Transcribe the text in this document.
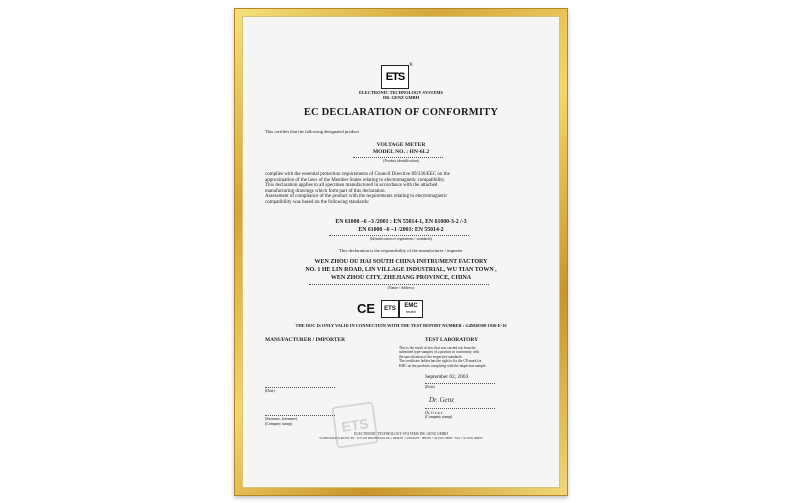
ETS
®
ELECTRONIC TECHNOLOGY SYSTEMS
DR. GENZ GMBH
EC DECLARATION OF CONFORMITY
This certifies that the following designated product
VOLTAGE METER
MODEL NO. : HN-6L2
(Product identification)
complies with the essential protection requirements of Council Directive 89/336/EEC on the
approximation of the laws of the Member States relating to electromagnetic compatibility.
This declaration applies to all specimen manufactured in accordance with the attached
manufacturing drawings which form part of this declaration.
Assessment of compliance of the product with the requirements relating to electromagnetic
compatibility was based on the following standards:
EN 61000 –6 –3 /2001 : EN 55014-1, EN 61000-3-2 /-3
EN 61000 –6 –1 /2001: EN 55014-2
(Identification of regulations / standards)
This declaration is the responsibility of the manufacturer / importer
WEN ZHOU OU HAI SOUTH CHINA INSTRUMENT FACTORY
NO. 1 HE LIN ROAD, LIN VILLAGE INDUSTRIAL, WU TIAN TOWN ,
WEN ZHOU CITY, ZHEJIANG PROVINCE, CHINA
(Name / Address)
CE	ETS	EMC
tested
THE DOC IS ONLY VALID IN CONNECTION WITH THE TEST REPORT NUMBER : G4M20308-1936-E-16
MANUFACTURER / IMPORTER
(Date)
(Surname, forename)
(Company stamp)	ETS
TEST LABORATORY
This is the result of test, that was carried out from the
submitted type-samples of a product in conformity with
the specification of the respective standards.
The certificate holder has the right to fix the CE-mark for
EMC on the products complying with the inspection sample.
September 02, 2003
(Date)
Dr. Genz
Dr. G e n z
(Company stamp)
ELECTRONIC TECHNOLOGY SYSTEMS DR. GENZ GMBH
STORKOWER STRASSE 38C · D-15526 REICHENWALDE b. BERLIN · GERMANY · PHONE + 49 33631 88880 · FAX + 49 33631 888650
